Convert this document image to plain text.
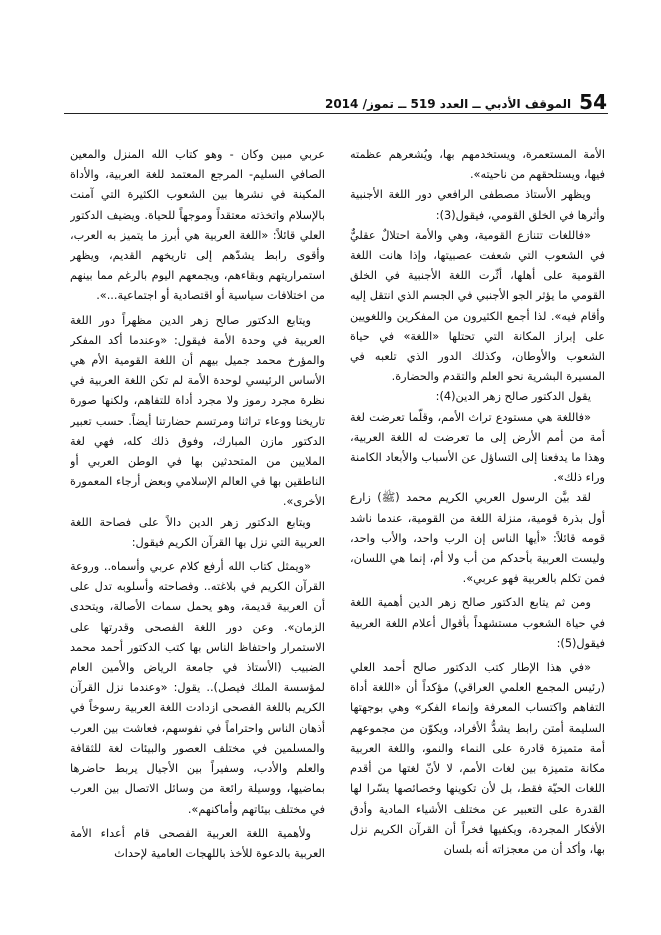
54
الموقف الأدبي ــ العدد 519 ــ تموز/ 2014

الأمة المستعمرة، ويستخدمهم بها، ويُشعرهم عظمته فيها، ويستلحقهم من ناحيته».

ويظهر الأستاذ مصطفى الرافعي دور اللغة الأجنبية وأثرها في الخلق القومي، فيقول(3):

«فاللغات تتنازع القومية، وهي والأمة احتلالٌ عقليٌّ في الشعوب التي شعفت عصبيتها، وإذا هانت اللغة القومية على أهلها، أثّرت اللغة الأجنبية في الخلق القومي ما يؤثر الجو الأجنبي في الجسم الذي انتقل إليه وأقام فيه». لذا أجمع الكثيرون من المفكرين واللغويين على إبراز المكانة التي تحتلها «اللغة» في حياة الشعوب والأوطان، وكذلك الدور الذي تلعبه في المسيرة البشرية نحو العلم والتقدم والحضارة.

يقول الدكتور صالح زهر الدين(4):

«فاللغة هي مستودع تراث الأمم، وقلّما تعرضت لغة أمة من أمم الأرض إلى ما تعرضت له اللغة العربية، وهذا ما يدفعنا إلى التساؤل عن الأسباب والأبعاد الكامنة وراء ذلك».

لقد بيَّن الرسول العربي الكريم محمد (ﷺ) زارع أول بذرة قومية، منزلة اللغة من القومية، عندما ناشد قومه قائلاً: «أيها الناس إن الرب واحد، والأب واحد، وليست العربية بأحدكم من أب ولا أم، إنما هي اللسان، فمن تكلم بالعربية فهو عربي».

ومن ثم يتابع الدكتور صالح زهر الدين أهمية اللغة في حياة الشعوب مستشهداً بأقوال أعلام اللغة العربية فيقول(5):

«في هذا الإطار كتب الدكتور صالح أحمد العلي (رئيس المجمع العلمي العراقي) مؤكداً أن «اللغة أداة التفاهم واكتساب المعرفة وإنماء الفكر» وهي بوجهتها السليمة أمتن رابط يشدُّ الأفراد، ويكوّن من مجموعهم أمة متميزة قادرة على النماء والنمو، واللغة العربية مكانة متميزة بين لغات الأمم، لا لأنّ لغتها من أقدم اللغات الحيّة فقط، بل لأن تكوينها وخصائصها يسّرا لها القدرة على التعبير عن مختلف الأشياء المادية وأدق الأفكار المجردة، ويكفيها فخراً أن القرآن الكريم نزل بها، وأكد أن من معجزاته أنه بلسان

عربي مبين وكان - وهو كتاب الله المنزل والمعين الصافي السليم- المرجع المعتمد للغة العربية، والأداة المكينة في نشرها بين الشعوب الكثيرة التي آمنت بالإسلام واتخذته معتقداً وموجهاً للحياة. ويضيف الدكتور العلي قائلاً: «اللغة العربية هي أبرز ما يتميز به العرب، وأقوى رابط يشدّهم إلى تاريخهم القديم، ويظهر استمراريتهم وبقاءهم، ويجمعهم اليوم بالرغم مما بينهم من اختلافات سياسية أو اقتصادية أو اجتماعية...».

ويتابع الدكتور صالح زهر الدين مظهراً دور اللغة العربية في وحدة الأمة فيقول: «وعندما أكد المفكر والمؤرخ محمد جميل بيهم أن اللغة القومية الأم هي الأساس الرئيسي لوحدة الأمة لم تكن اللغة العربية في نظرة مجرد رموز ولا مجرد أداة للتفاهم، ولكنها صورة تاريخنا ووعاء تراثنا ومرتسم حضارتنا أيضاً. حسب تعبير الدكتور مازن المبارك، وفوق ذلك كله، فهي لغة الملايين من المتحدثين بها في الوطن العربي أو الناطقين بها في العالم الإسلامي وبعض أرجاء المعمورة الأخرى».

ويتابع الدكتور زهر الدين دالاً على فصاحة اللغة العربية التي نزل بها القرآن الكريم فيقول:

«ويمثل كتاب الله أرفع كلام عربي وأسماه.. وروعة القرآن الكريم في بلاغته.. وفصاحته وأسلوبه تدل على أن العربية قديمة، وهو يحمل سمات الأصالة، ويتحدى الزمان». وعن دور اللغة الفصحى وقدرتها على الاستمرار واحتفاظ الناس بها كتب الدكتور أحمد محمد الضبيب (الأستاذ في جامعة الرياض والأمين العام لمؤسسة الملك فيصل).. يقول: «وعندما نزل القرآن الكريم باللغة الفصحى ازدادت اللغة العربية رسوخاً في أذهان الناس واحتراماً في نفوسهم، فعاشت بين العرب والمسلمين في مختلف العصور والبيئات لغة للثقافة والعلم والأدب، وسفيراً بين الأجيال يربط حاضرها بماضيها، ووسيلة رائعة من وسائل الاتصال بين العرب في مختلف بيئاتهم وأماكنهم».

ولأهمية اللغة العربية الفصحى قام أعداء الأمة العربية بالدعوة للأخذ باللهجات العامية لإحداث
